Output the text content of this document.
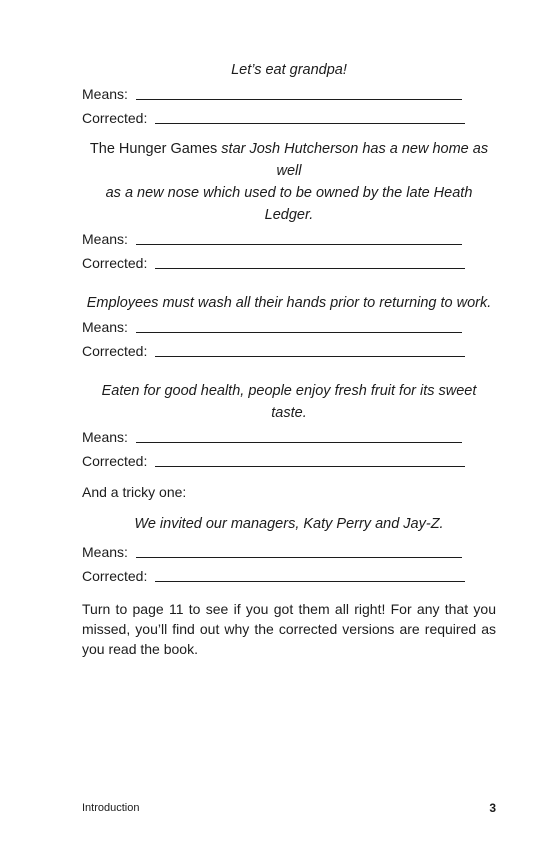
Let’s eat grandpa!

Means:
Corrected:

The Hunger Games star Josh Hutcherson has a new home as well
as a new nose which used to be owned by the late Heath Ledger.

Means:
Corrected:

Employees must wash all their hands prior to returning to work.

Means:
Corrected:

Eaten for good health, people enjoy fresh fruit for its sweet taste.

Means:
Corrected:

And a tricky one:

We invited our managers, Katy Perry and Jay-Z.

Means:
Corrected:

Turn to page 11 to see if you got them all right! For any that you missed, you’ll find out why the corrected versions are required as you read the book.

Introduction	3
